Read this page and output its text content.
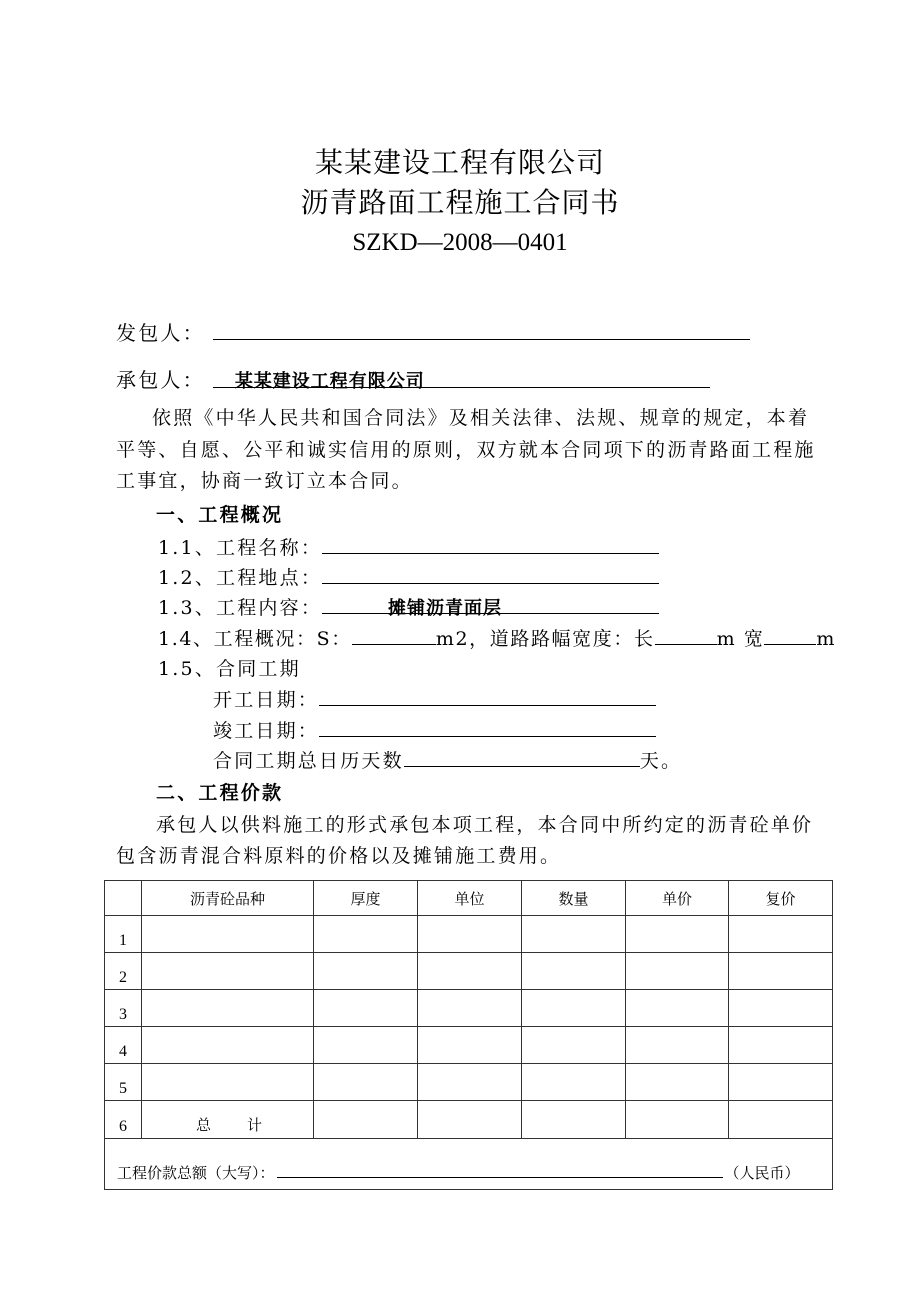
某某建设工程有限公司
沥青路面工程施工合同书
SZKD—2008—0401
发包人：
承包人： 某某建设工程有限公司
依照《中华人民共和国合同法》及相关法律、法规、规章的规定，本着
平等、自愿、公平和诚实信用的原则，双方就本合同项下的沥青路面工程施
工事宜，协商一致订立本合同。
一、工程概况
1.1、工程名称：
1.2、工程地点：
1.3、工程内容：	摊铺沥青面层
1.4、工程概况：S：	m2，道路路幅宽度：长	m 宽	m
1.5、合同工期
开工日期：
竣工日期：
合同工期总日历天数	天。
二、工程价款
承包人以供料施工的形式承包本项工程，本合同中所约定的沥青砼单价
包含沥青混合料原料的价格以及摊铺施工费用。
	沥青砼品种	厚度	单位	数量	单价	复价
1						
2						
3						
4						
5						
6	总　　计					
工程价款总额（大写）： （人民币）						
